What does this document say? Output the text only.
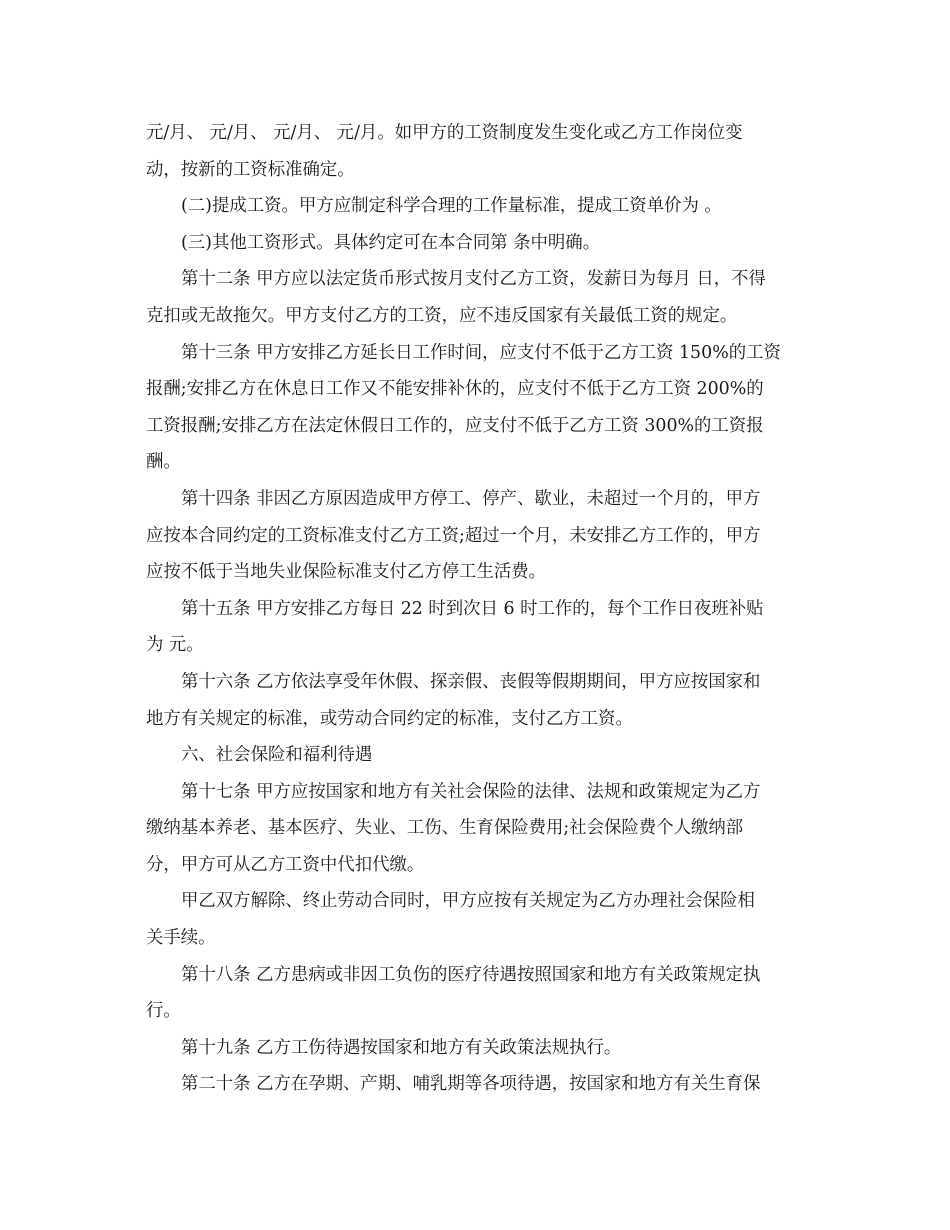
元/月、 元/月、 元/月、 元/月。如甲方的工资制度发生变化或乙方工作岗位变
动，按新的工资标准确定。
(二)提成工资。甲方应制定科学合理的工作量标准，提成工资单价为 。
(三)其他工资形式。具体约定可在本合同第 条中明确。
第十二条 甲方应以法定货币形式按月支付乙方工资，发薪日为每月 日，不得
克扣或无故拖欠。甲方支付乙方的工资，应不违反国家有关最低工资的规定。
第十三条 甲方安排乙方延长日工作时间，应支付不低于乙方工资 150%的工资
报酬;安排乙方在休息日工作又不能安排补休的，应支付不低于乙方工资 200%的
工资报酬;安排乙方在法定休假日工作的，应支付不低于乙方工资 300%的工资报
酬。
第十四条 非因乙方原因造成甲方停工、停产、歇业，未超过一个月的，甲方
应按本合同约定的工资标准支付乙方工资;超过一个月，未安排乙方工作的，甲方
应按不低于当地失业保险标准支付乙方停工生活费。
第十五条 甲方安排乙方每日 22 时到次日 6 时工作的，每个工作日夜班补贴
为 元。
第十六条 乙方依法享受年休假、探亲假、丧假等假期期间，甲方应按国家和
地方有关规定的标准，或劳动合同约定的标准，支付乙方工资。
六、社会保险和福利待遇
第十七条 甲方应按国家和地方有关社会保险的法律、法规和政策规定为乙方
缴纳基本养老、基本医疗、失业、工伤、生育保险费用;社会保险费个人缴纳部
分，甲方可从乙方工资中代扣代缴。
甲乙双方解除、终止劳动合同时，甲方应按有关规定为乙方办理社会保险相
关手续。
第十八条 乙方患病或非因工负伤的医疗待遇按照国家和地方有关政策规定执
行。
第十九条 乙方工伤待遇按国家和地方有关政策法规执行。
第二十条 乙方在孕期、产期、哺乳期等各项待遇，按国家和地方有关生育保
